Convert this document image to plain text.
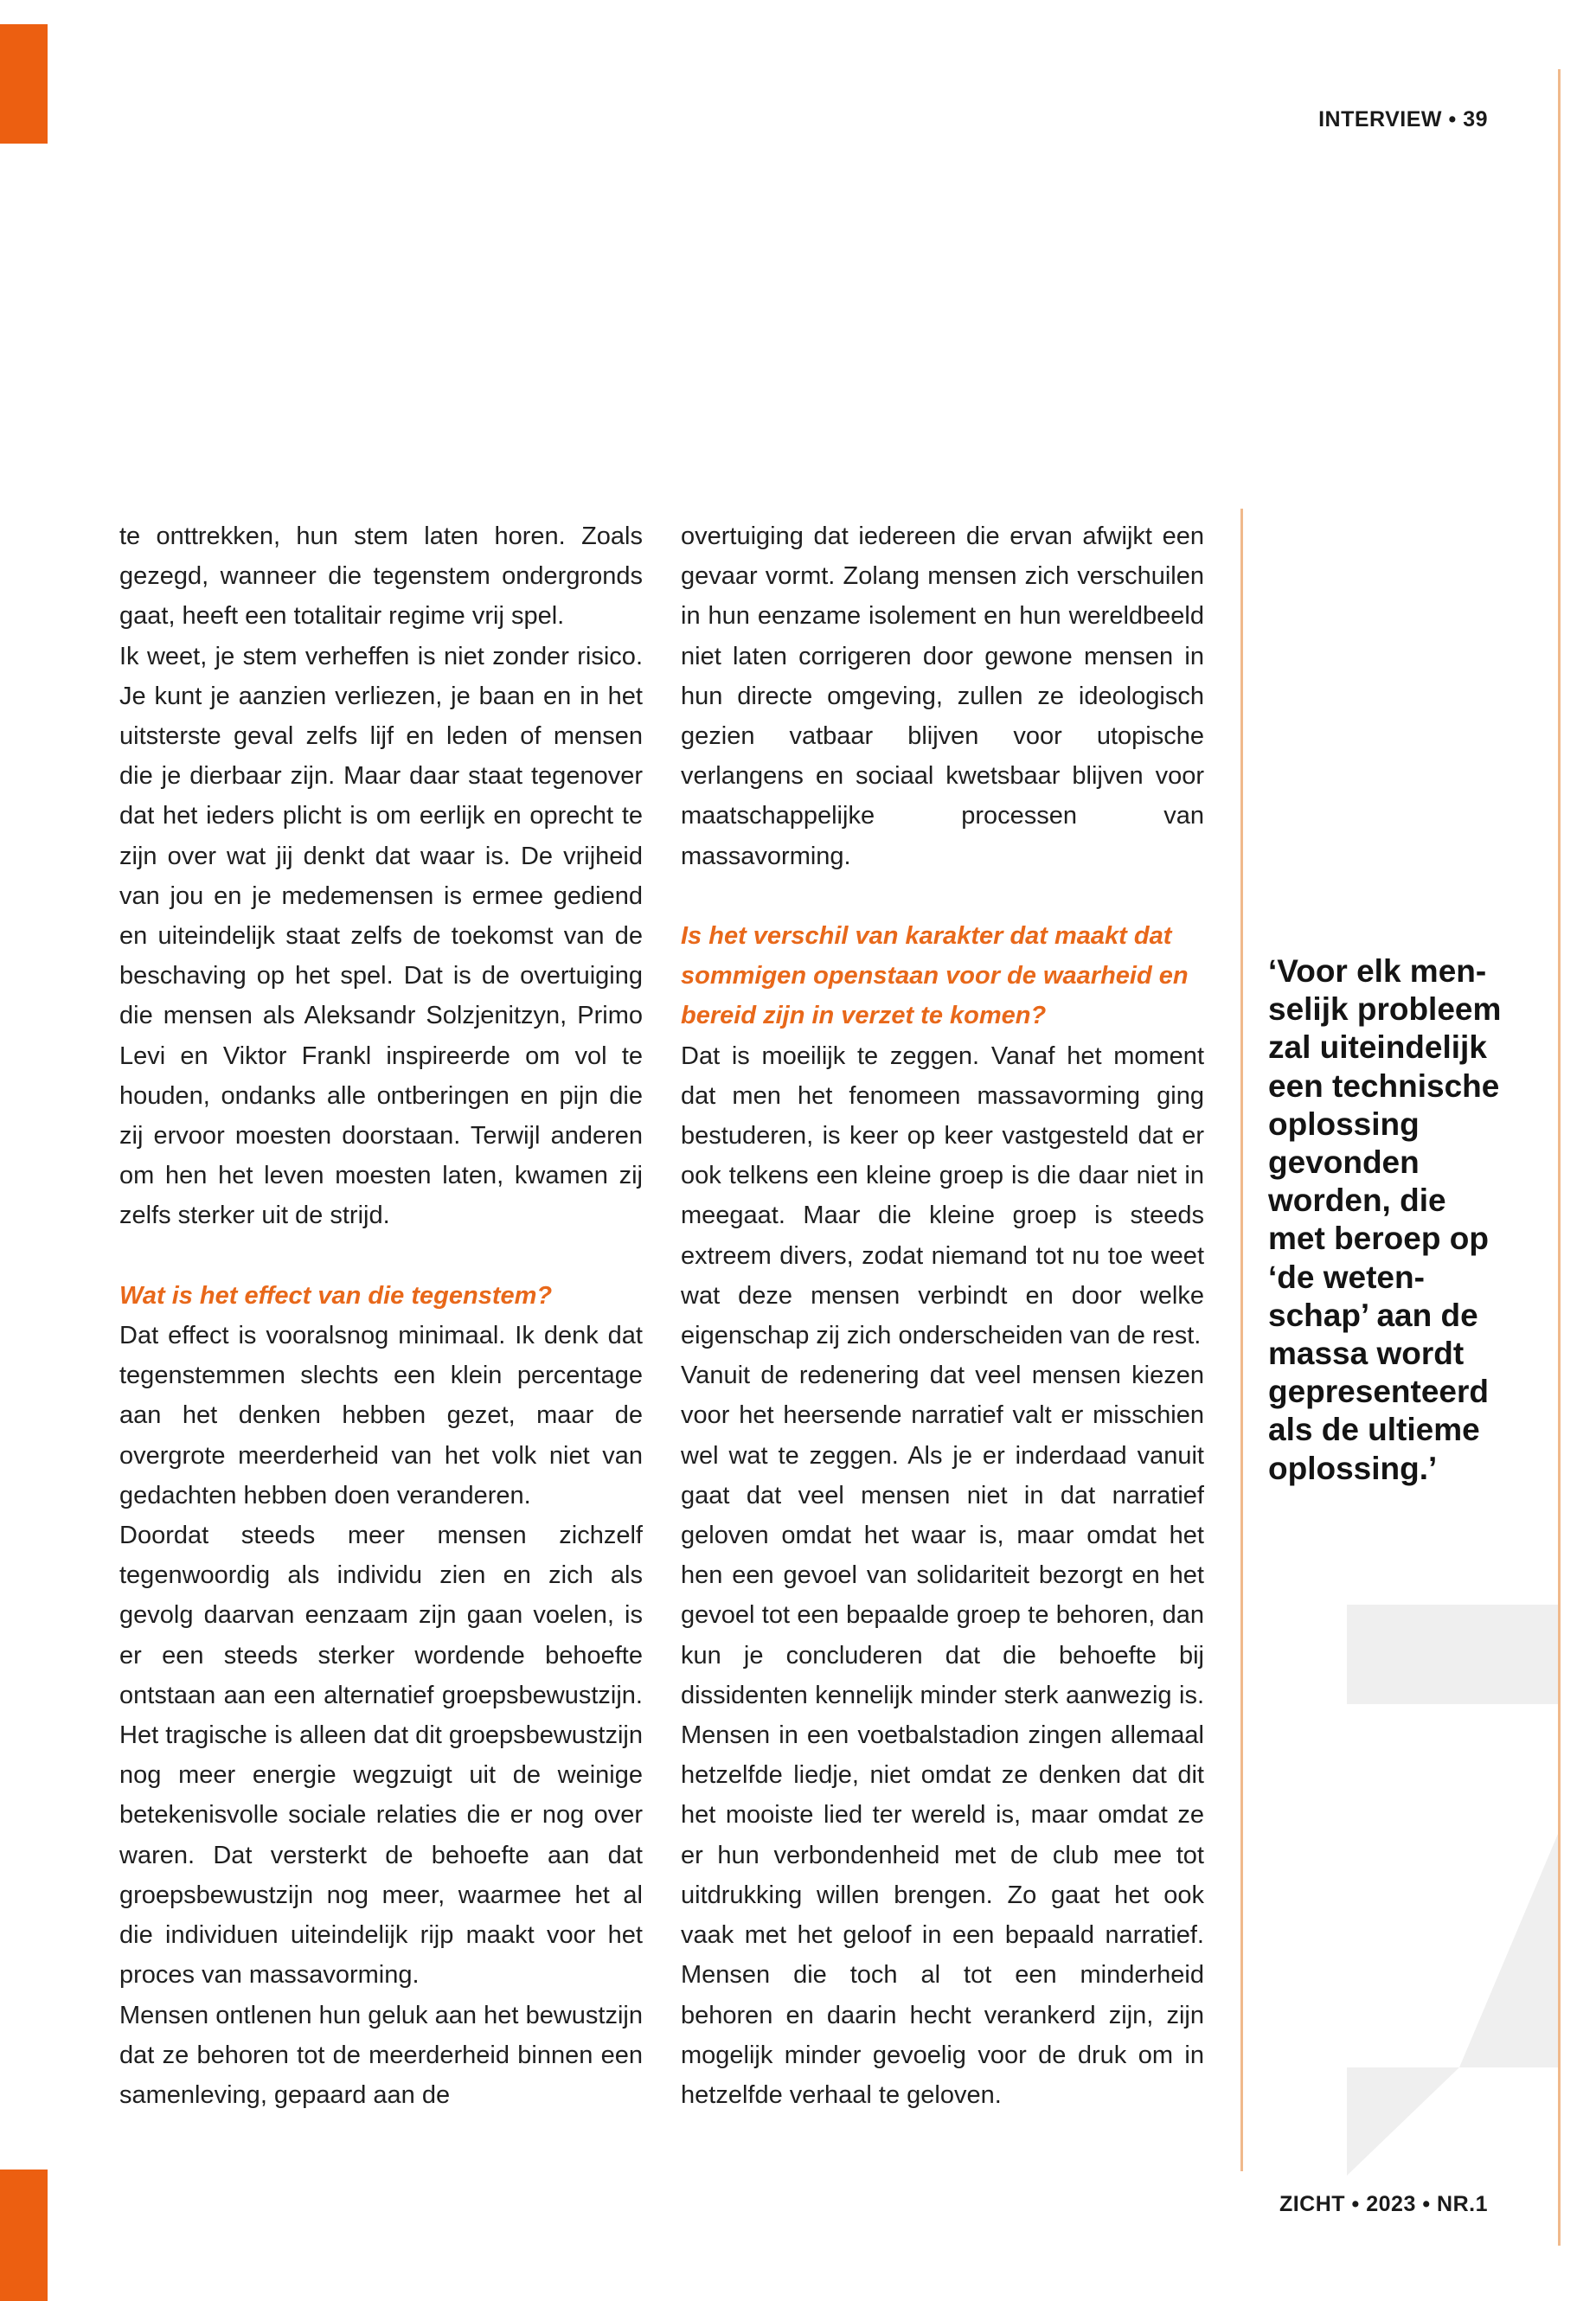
INTERVIEW • 39

te onttrekken, hun stem laten horen. Zoals gezegd, wanneer die tegenstem ondergronds gaat, heeft een totalitair regime vrij spel.

Ik weet, je stem verheffen is niet zonder risico. Je kunt je aanzien verliezen, je baan en in het uitsterste geval zelfs lijf en leden of mensen die je dierbaar zijn. Maar daar staat tegenover dat het ieders plicht is om eerlijk en oprecht te zijn over wat jij denkt dat waar is. De vrijheid van jou en je medemensen is ermee gediend en uiteindelijk staat zelfs de toekomst van de beschaving op het spel. Dat is de overtuiging die mensen als Aleksandr Solzjenitzyn, Primo Levi en Viktor Frankl inspireerde om vol te houden, ondanks alle ontberingen en pijn die zij ervoor moesten doorstaan. Terwijl anderen om hen het leven moesten laten, kwamen zij zelfs sterker uit de strijd.

Wat is het effect van die tegenstem?

Dat effect is vooralsnog minimaal. Ik denk dat tegenstemmen slechts een klein percentage aan het denken hebben gezet, maar de overgrote meerderheid van het volk niet van gedachten hebben doen veranderen.

Doordat steeds meer mensen zichzelf tegenwoordig als individu zien en zich als gevolg daarvan eenzaam zijn gaan voelen, is er een steeds sterker wordende behoefte ontstaan aan een alternatief groepsbewustzijn. Het tragische is alleen dat dit groepsbewustzijn nog meer energie wegzuigt uit de weinige betekenisvolle sociale relaties die er nog over waren. Dat versterkt de behoefte aan dat groepsbewustzijn nog meer, waarmee het al die individuen uiteindelijk rijp maakt voor het proces van massavorming.

Mensen ontlenen hun geluk aan het bewustzijn dat ze behoren tot de meerderheid binnen een samenleving, gepaard aan de

overtuiging dat iedereen die ervan afwijkt een gevaar vormt. Zolang mensen zich verschuilen in hun eenzame isolement en hun wereldbeeld niet laten corrigeren door gewone mensen in hun directe omgeving, zullen ze ideologisch gezien vatbaar blijven voor utopische verlangens en sociaal kwetsbaar blijven voor maatschappelijke processen van massavorming.

Is het verschil van karakter dat maakt dat sommigen openstaan voor de waarheid en bereid zijn in verzet te komen?

Dat is moeilijk te zeggen. Vanaf het moment dat men het fenomeen massavorming ging bestuderen, is keer op keer vastgesteld dat er ook telkens een kleine groep is die daar niet in meegaat. Maar die kleine groep is steeds extreem divers, zodat niemand tot nu toe weet wat deze mensen verbindt en door welke eigenschap zij zich onderscheiden van de rest.

Vanuit de redenering dat veel mensen kiezen voor het heersende narratief valt er misschien wel wat te zeggen. Als je er inderdaad vanuit gaat dat veel mensen niet in dat narratief geloven omdat het waar is, maar omdat het hen een gevoel van solidariteit bezorgt en het gevoel tot een bepaalde groep te behoren, dan kun je concluderen dat die behoefte bij dissidenten kennelijk minder sterk aanwezig is. Mensen in een voetbalstadion zingen allemaal hetzelfde liedje, niet omdat ze denken dat dit het mooiste lied ter wereld is, maar omdat ze er hun verbondenheid met de club mee tot uitdrukking willen brengen. Zo gaat het ook vaak met het geloof in een bepaald narratief. Mensen die toch al tot een minderheid behoren en daarin hecht verankerd zijn, zijn mogelijk minder gevoelig voor de druk om in hetzelfde verhaal te geloven.

‘Voor elk men-
selijk probleem
zal uiteindelijk
een technische
oplossing
gevonden
worden, die
met beroep op
‘de weten-
schap’ aan de
massa wordt
gepresenteerd
als de ultieme
oplossing.’
ZICHT • 2023 • NR.1
